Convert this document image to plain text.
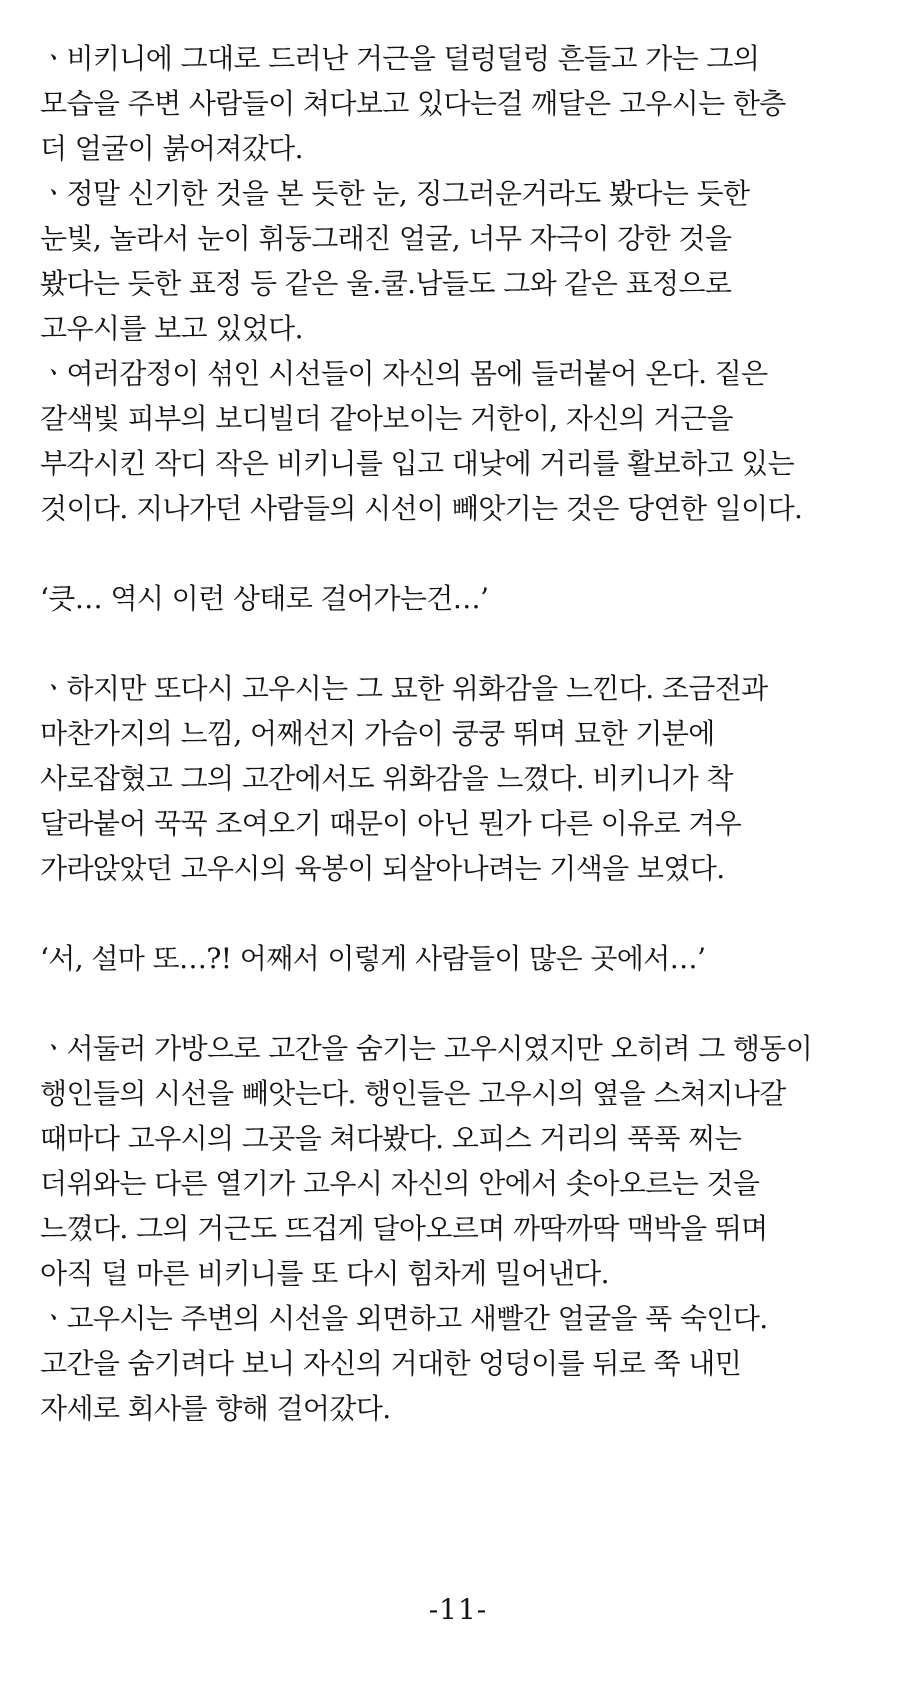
ㆍ비키니에 그대로 드러난 거근을 덜렁덜렁 흔들고 가는 그의
모습을 주변 사람들이 쳐다보고 있다는걸 깨달은 고우시는 한층
더 얼굴이 붉어져갔다.
ㆍ정말 신기한 것을 본 듯한 눈, 징그러운거라도 봤다는 듯한
눈빛, 놀라서 눈이 휘둥그래진 얼굴, 너무 자극이 강한 것을
봤다는 듯한 표정 등 같은 울.쿨.남들도 그와 같은 표정으로
고우시를 보고 있었다.
ㆍ여러감정이 섞인 시선들이 자신의 몸에 들러붙어 온다. 짙은
갈색빛 피부의 보디빌더 같아보이는 거한이, 자신의 거근을
부각시킨 작디 작은 비키니를 입고 대낮에 거리를 활보하고 있는
것이다. 지나가던 사람들의 시선이 빼앗기는 것은 당연한 일이다.
‘큿… 역시 이런 상태로 걸어가는건…’
ㆍ하지만 또다시 고우시는 그 묘한 위화감을 느낀다. 조금전과
마찬가지의 느낌, 어째선지 가슴이 쿵쿵 뛰며 묘한 기분에
사로잡혔고 그의 고간에서도 위화감을 느꼈다. 비키니가 착
달라붙어 꾹꾹 조여오기 때문이 아닌 뭔가 다른 이유로 겨우
가라앉았던 고우시의 육봉이 되살아나려는 기색을 보였다.
‘서, 설마 또…?! 어째서 이렇게 사람들이 많은 곳에서…’
ㆍ서둘러 가방으로 고간을 숨기는 고우시였지만 오히려 그 행동이
행인들의 시선을 빼앗는다. 행인들은 고우시의 옆을 스쳐지나갈
때마다 고우시의 그곳을 쳐다봤다. 오피스 거리의 푹푹 찌는
더위와는 다른 열기가 고우시 자신의 안에서 솟아오르는 것을
느꼈다. 그의 거근도 뜨겁게 달아오르며 까딱까딱 맥박을 뛰며
아직 덜 마른 비키니를 또 다시 힘차게 밀어낸다.
ㆍ고우시는 주변의 시선을 외면하고 새빨간 얼굴을 푹 숙인다.
고간을 숨기려다 보니 자신의 거대한 엉덩이를 뒤로 쭉 내민
자세로 회사를 향해 걸어갔다.
-11-
